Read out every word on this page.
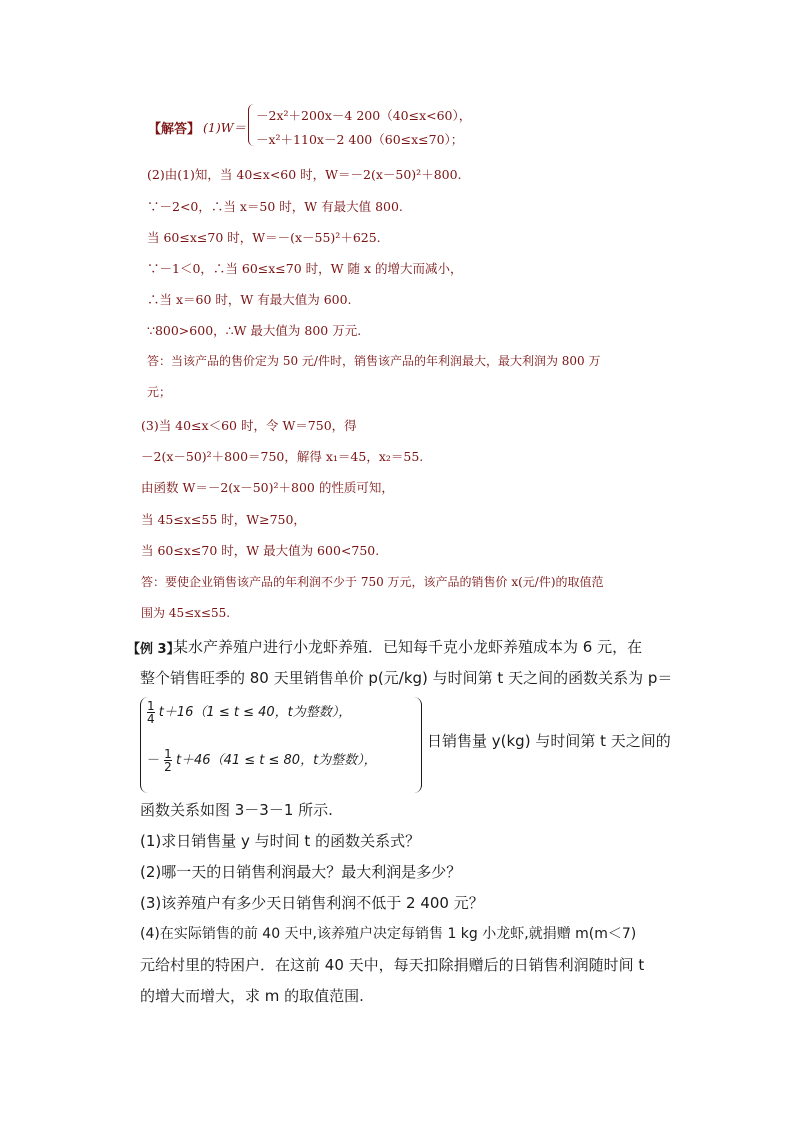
【解答】 (1)W＝
－2x²＋200x－4 200（40≤x<60），
－x²＋110x－2 400（60≤x≤70）；
(2)由(1)知，当 40≤x<60 时，W＝－2(x－50)²＋800.
∵－2<0，∴当 x＝50 时，W 有最大值 800.
当 60≤x≤70 时，W＝－(x－55)²＋625.
∵－1＜0，∴当 60≤x≤70 时，W 随 x 的增大而减小，
∴当 x＝60 时，W 有最大值为 600.
∵800>600，∴W 最大值为 800 万元.
答：当该产品的售价定为 50 元/件时，销售该产品的年利润最大，最大利润为 800 万
元；
(3)当 40≤x＜60 时，令 W＝750，得
－2(x－50)²＋800＝750，解得 x₁＝45，x₂＝55.
由函数 W＝－2(x－50)²＋800 的性质可知，
当 45≤x≤55 时，W≥750，
当 60≤x≤70 时，W 最大值为 600<750.
答：要使企业销售该产品的年利润不少于 750 万元，该产品的销售价 x(元/件)的取值范
围为 45≤x≤55.
【例 3】
某水产养殖户进行小龙虾养殖．已知每千克小龙虾养殖成本为 6 元，在
整个销售旺季的 80 天里销售单价 p(元/kg) 与时间第 t 天之间的函数关系为 p＝
$\frac{1}{4} t+16(1 \le t \le 40$，t为整数），
－ $\frac{1}{2} t+46(41 \le t \le 80$，t为整数），
日销售量 y(kg) 与时间第 t 天之间的
函数关系如图 3－3－1 所示.
(1)求日销售量 y 与时间 t 的函数关系式？
(2)哪一天的日销售利润最大？最大利润是多少？
(3)该养殖户有多少天日销售利润不低于 2 400 元？
(4)在实际销售的前 40 天中,该养殖户决定每销售 1 kg 小龙虾,就捐赠 m(m＜7)
元给村里的特困户．在这前 40 天中，每天扣除捐赠后的日销售利润随时间 t
的增大而增大，求 m 的取值范围.
